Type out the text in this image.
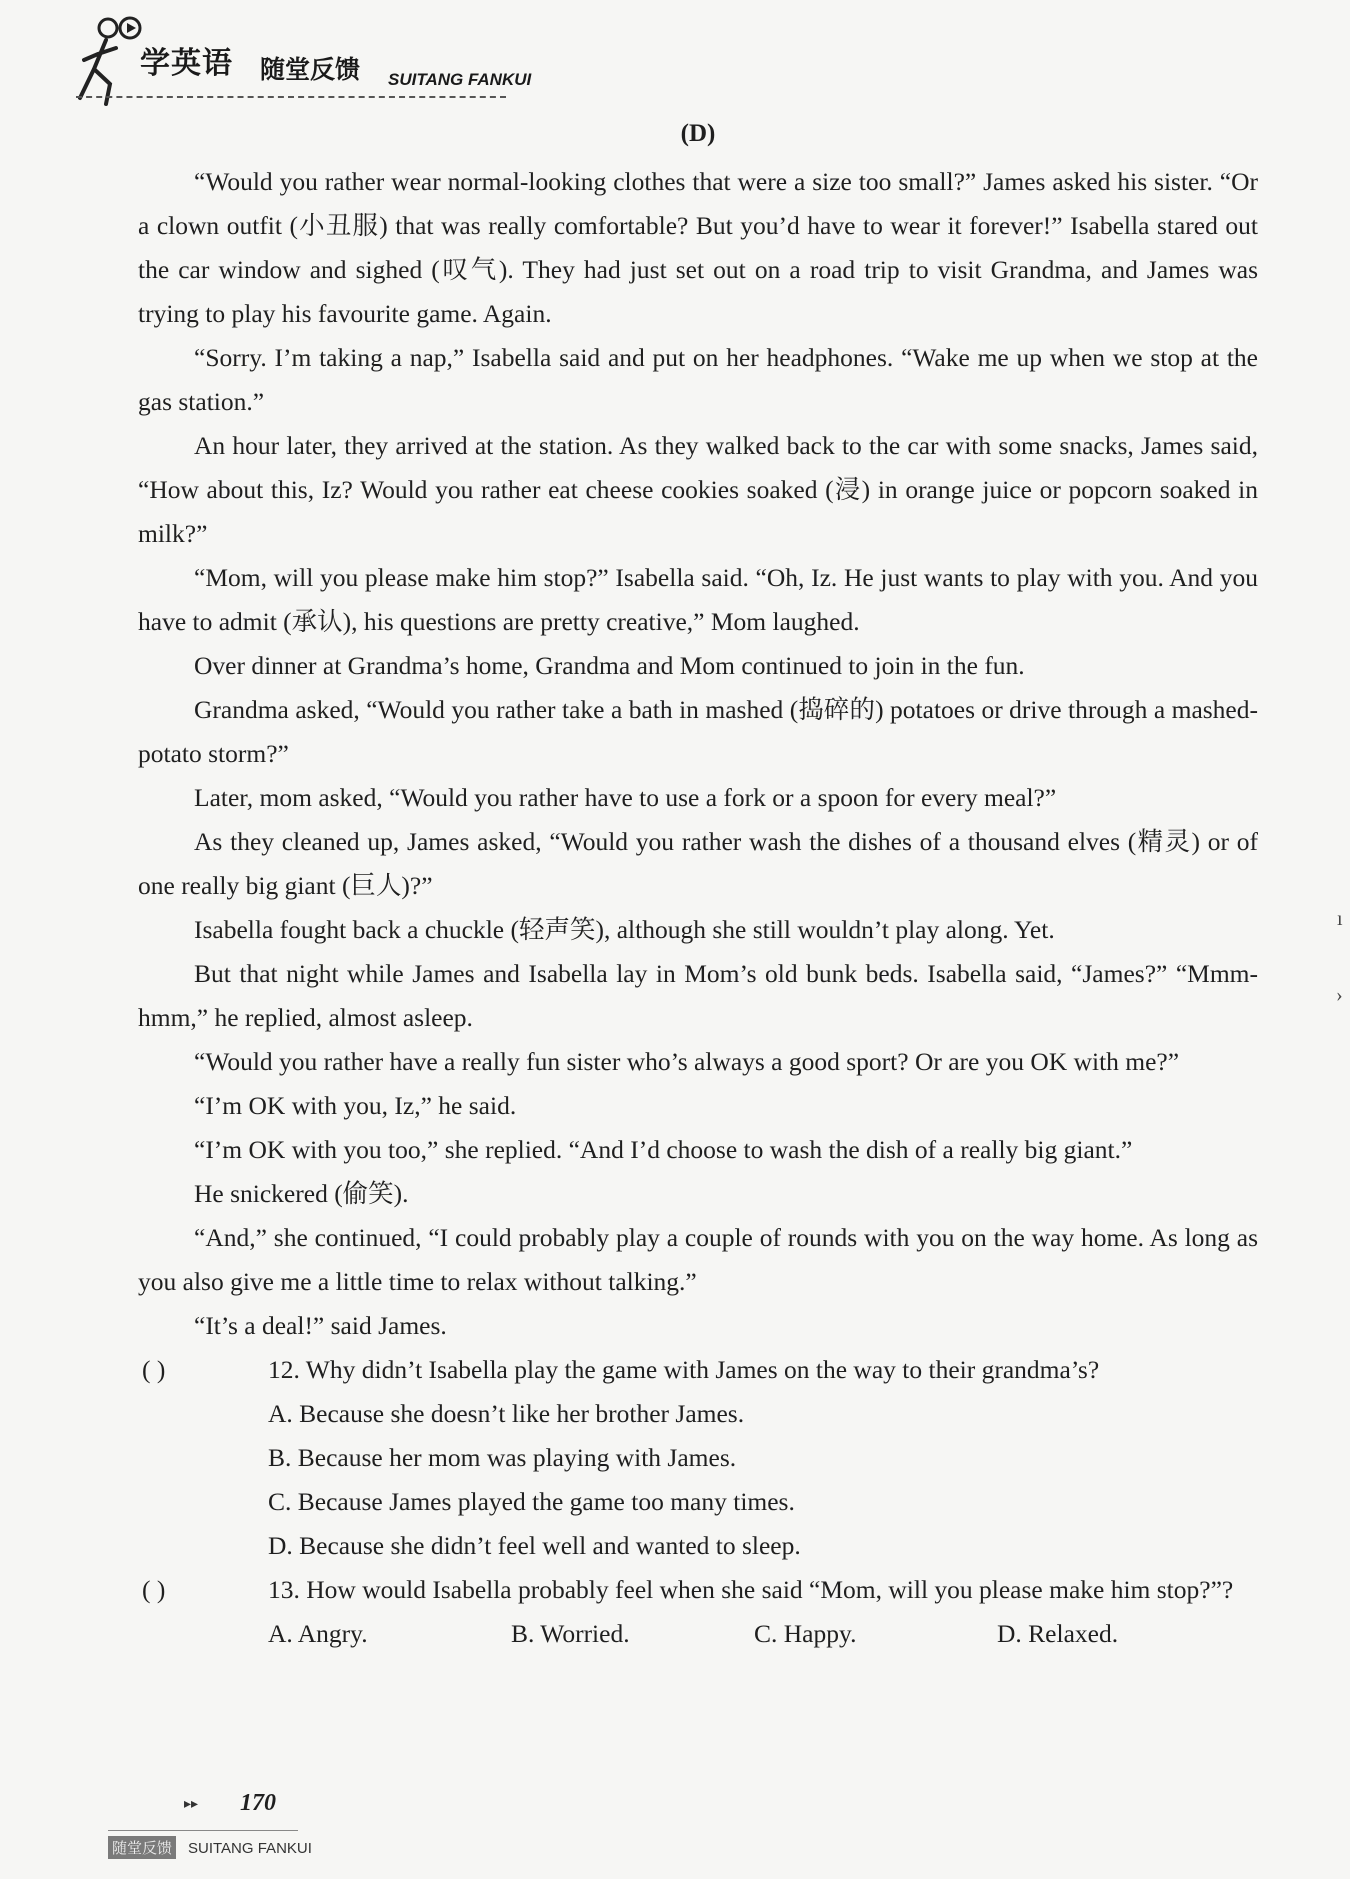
学英语 随堂反馈 SUITANG FANKUI
(D)

“Would you rather wear normal-looking clothes that were a size too small?” James asked his sister. “Or a clown outfit (小丑服) that was really comfortable? But you’d have to wear it forever!” Isabella stared out the car window and sighed (叹气). They had just set out on a road trip to visit Grandma, and James was trying to play his favourite game. Again.

“Sorry. I’m taking a nap,” Isabella said and put on her headphones. “Wake me up when we stop at the gas station.”

An hour later, they arrived at the station. As they walked back to the car with some snacks, James said, “How about this, Iz? Would you rather eat cheese cookies soaked (浸) in orange juice or popcorn soaked in milk?”

“Mom, will you please make him stop?” Isabella said. “Oh, Iz. He just wants to play with you. And you have to admit (承认), his questions are pretty creative,” Mom laughed.

Over dinner at Grandma’s home, Grandma and Mom continued to join in the fun.

Grandma asked, “Would you rather take a bath in mashed (捣碎的) potatoes or drive through a mashed-potato storm?”

Later, mom asked, “Would you rather have to use a fork or a spoon for every meal?”

As they cleaned up, James asked, “Would you rather wash the dishes of a thousand elves (精灵) or of one really big giant (巨人)?”

Isabella fought back a chuckle (轻声笑), although she still wouldn’t play along. Yet.

But that night while James and Isabella lay in Mom’s old bunk beds. Isabella said, “James?” “Mmm-hmm,” he replied, almost asleep.

“Would you rather have a really fun sister who’s always a good sport? Or are you OK with me?”

“I’m OK with you, Iz,” he said.

“I’m OK with you too,” she replied. “And I’d choose to wash the dish of a really big giant.”

He snickered (偷笑).

“And,” she continued, “I could probably play a couple of rounds with you on the way home. As long as you also give me a little time to relax without talking.”

“It’s a deal!” said James.

( )	12. Why didn’t Isabella play the game with James on the way to their grandma’s?

A. Because she doesn’t like her brother James.

B. Because her mom was playing with James.

C. Because James played the game too many times.

D. Because she didn’t feel well and wanted to sleep.

( )	13. How would Isabella probably feel when she said “Mom, will you please make him stop?”?

A. Angry.	B. Worried.	C. Happy.	D. Relaxed.
ı
›
▸▸ 170
随堂反馈 SUITANG FANKUI
